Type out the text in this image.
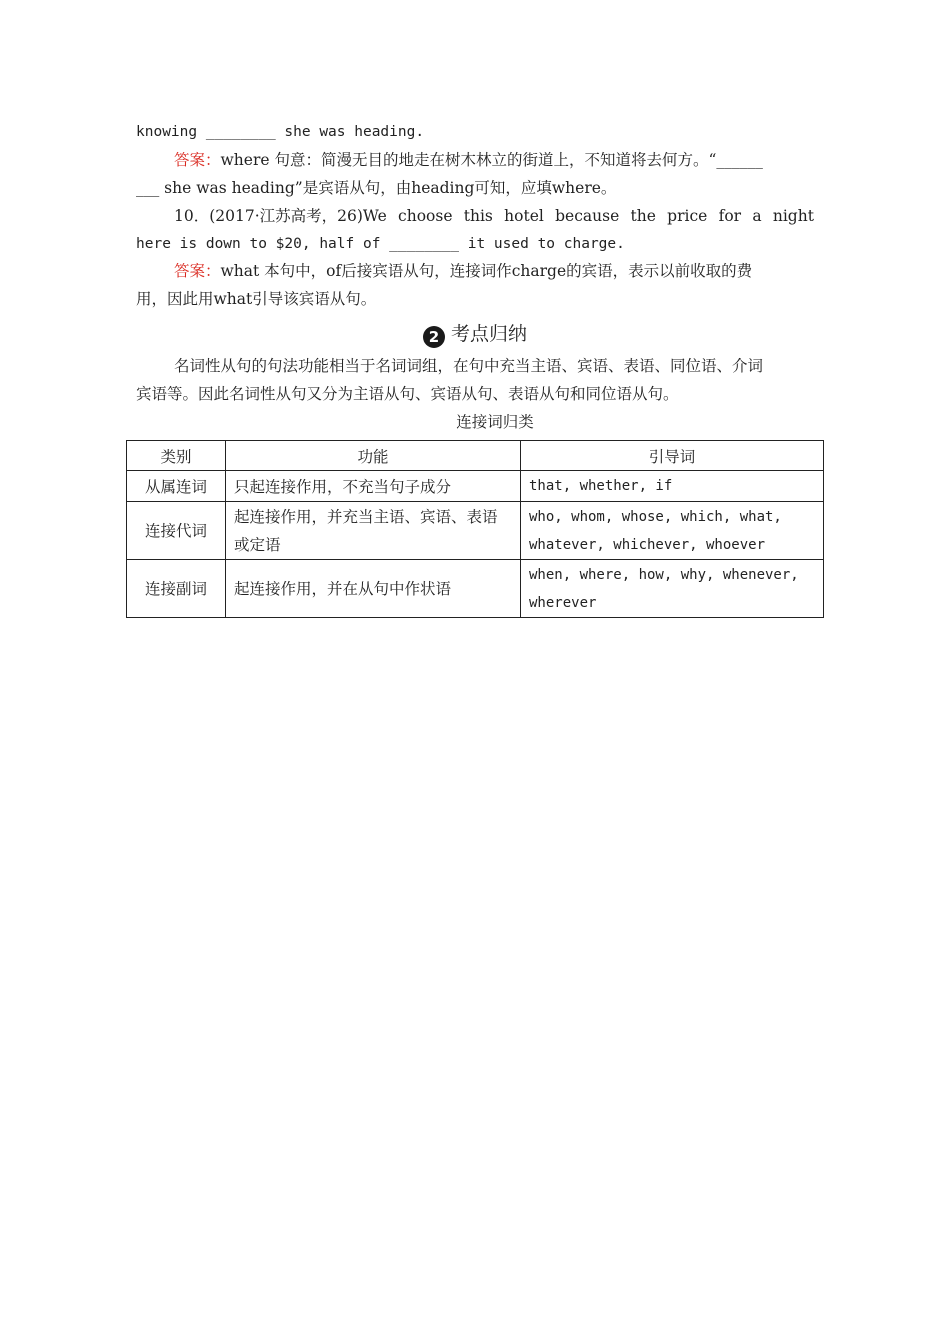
knowing ________ she was heading.
答案：where 句意：简漫无目的地走在树木林立的街道上，不知道将去何方。“______
___ she was heading”是宾语从句，由heading可知，应填where。
10．(2017·江苏高考，26)We choose this hotel because the price for a night
here is down to $20, half of ________ it used to charge.
答案：what 本句中，of后接宾语从句，连接词作charge的宾语，表示以前收取的费
用，因此用what引导该宾语从句。
2 考点归纳
名词性从句的句法功能相当于名词词组，在句中充当主语、宾语、表语、同位语、介词
宾语等。因此名词性从句又分为主语从句、宾语从句、表语从句和同位语从句。
连接词归类
类别	功能	引导词
从属连词	只起连接作用，不充当句子成分	that, whether, if
连接代词	起连接作用，并充当主语、宾语、表语或定语	who, whom, whose, which, what, whatever, whichever, whoever
连接副词	起连接作用，并在从句中作状语	when, where, how, why, whenever, wherever
